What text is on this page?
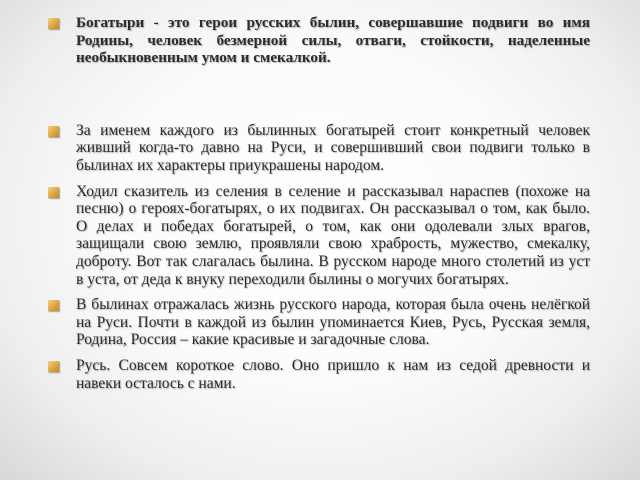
Богатыри - это герои русских былин, совершавшие подвиги во имя Родины, человек безмерной силы, отваги, стойкости, наделенные необыкновенным умом и смекалкой.
За именем каждого из былинных богатырей стоит конкретный человек живший когда-то давно на Руси, и совершивший свои подвиги только в былинах их характеры приукрашены народом.
Ходил сказитель из селения в селение и рассказывал нараспев (похоже на песню) о героях-богатырях, о их подвигах. Он рассказывал о том, как было. О делах и победах богатырей, о том, как они одолевали злых врагов, защищали свою землю, проявляли свою храбрость, мужество, смекалку, доброту. Вот так слагалась былина. В русском народе много столетий из уст в уста, от деда к внуку переходили былины о могучих богатырях.
В былинах отражалась жизнь русского народа, которая была очень нелёгкой на Руси. Почти в каждой из былин упоминается Киев, Русь, Русская земля, Родина, Россия – какие красивые и загадочные слова.
Русь. Совсем короткое слово. Оно пришло к нам из седой древности и навеки осталось с нами.
